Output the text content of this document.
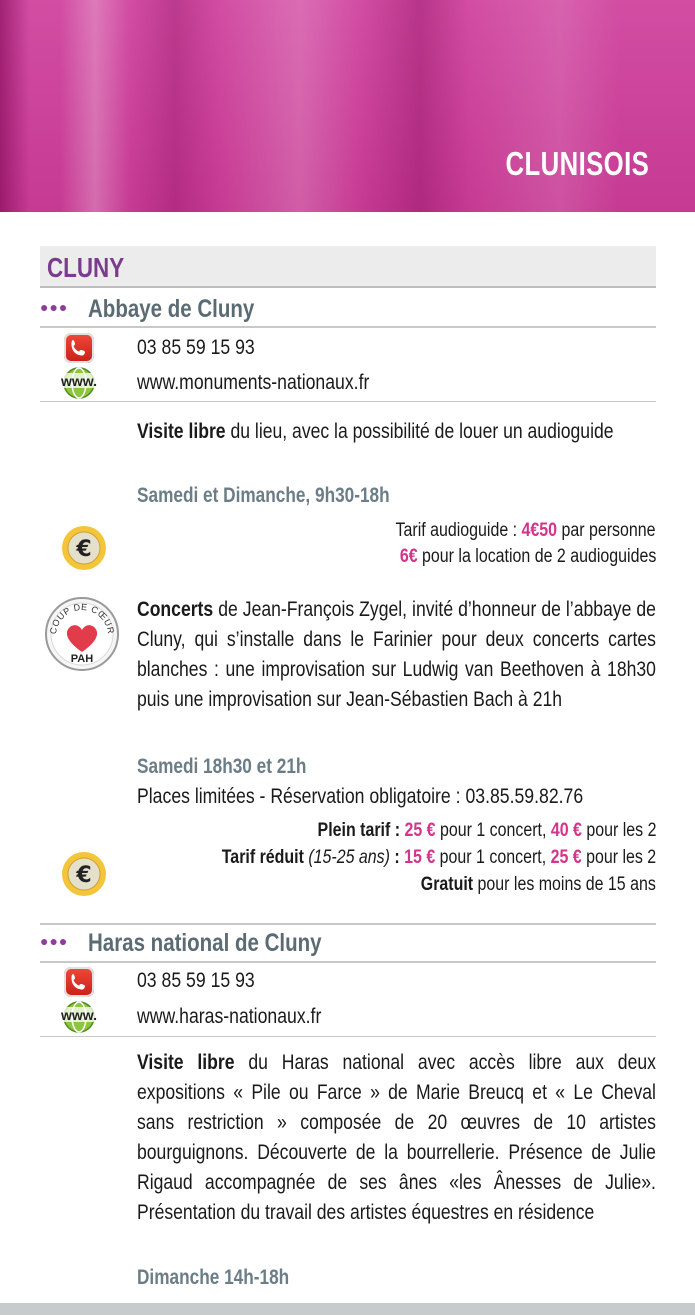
CLUNISOIS
CLUNY
●●● Abbaye de Cluny
03 85 59 15 93
www. www.monuments-nationaux.fr
Visite libre du lieu, avec la possibilité de louer un audioguide
Samedi et Dimanche, 9h30-18h
€
Tarif audioguide : 4€50 par personne
6€ pour la location de 2 audioguides
COUP DE CŒUR
PAH
Concerts de Jean-François Zygel, invité d’honneur de l’abbaye de Cluny, qui s’installe dans le Farinier pour deux concerts cartes blanches : une improvisation sur Ludwig van Beethoven à 18h30 puis une improvisation sur Jean-Sébastien Bach à 21h
Samedi 18h30 et 21h
Places limitées - Réservation obligatoire : 03.85.59.82.76
€
Plein tarif : 25 € pour 1 concert, 40 € pour les 2
Tarif réduit (15-25 ans) : 15 € pour 1 concert, 25 € pour les 2
Gratuit pour les moins de 15 ans
●●● Haras national de Cluny
03 85 59 15 93
www. www.haras-nationaux.fr
Visite libre du Haras national avec accès libre aux deux expositions « Pile ou Farce » de Marie Breucq et « Le Cheval sans restriction » composée de 20 œuvres de 10 artistes bourguignons. Découverte de la bourrellerie. Présence de Julie Rigaud accompagnée de ses ânes «les Ânesses de Julie». Présentation du travail des artistes équestres en résidence
Dimanche 14h-18h
